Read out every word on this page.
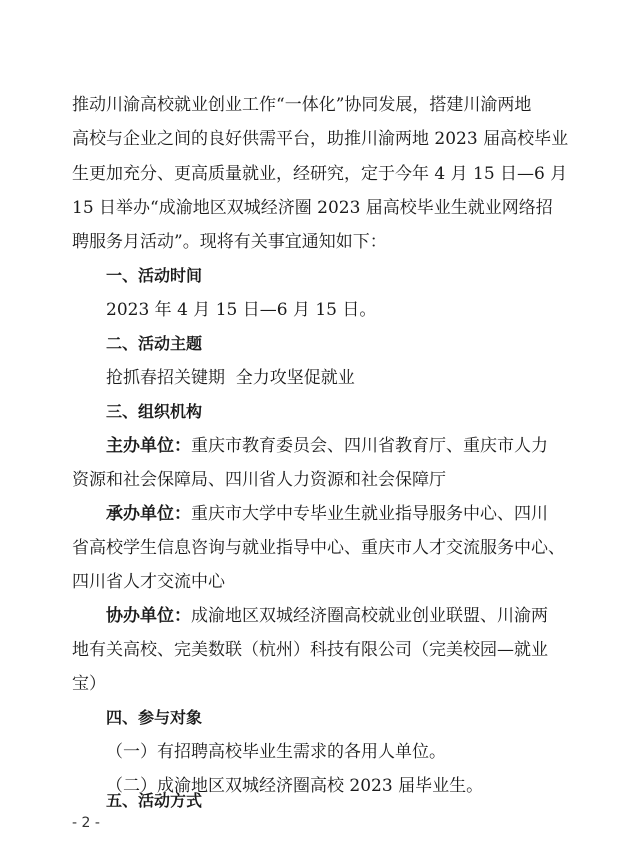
推动川渝高校就业创业工作“一体化”协同发展，搭建川渝两地
高校与企业之间的良好供需平台，助推川渝两地 2023 届高校毕业
生更加充分、更高质量就业，经研究，定于今年 4 月 15 日—6 月
15 日举办“成渝地区双城经济圈 2023 届高校毕业生就业网络招
聘服务月活动”。现将有关事宜通知如下：
一、活动时间
2023 年 4 月 15 日—6 月 15 日。
二、活动主题
抢抓春招关键期  全力攻坚促就业
三、组织机构
主办单位：重庆市教育委员会、四川省教育厅、重庆市人力
资源和社会保障局、四川省人力资源和社会保障厅
承办单位：重庆市大学中专毕业生就业指导服务中心、四川
省高校学生信息咨询与就业指导中心、重庆市人才交流服务中心、
四川省人才交流中心
协办单位：成渝地区双城经济圈高校就业创业联盟、川渝两
地有关高校、完美数联（杭州）科技有限公司（完美校园—就业
宝）
四、参与对象
（一）有招聘高校毕业生需求的各用人单位。
（二）成渝地区双城经济圈高校 2023 届毕业生。
五、活动方式
- 2 -
